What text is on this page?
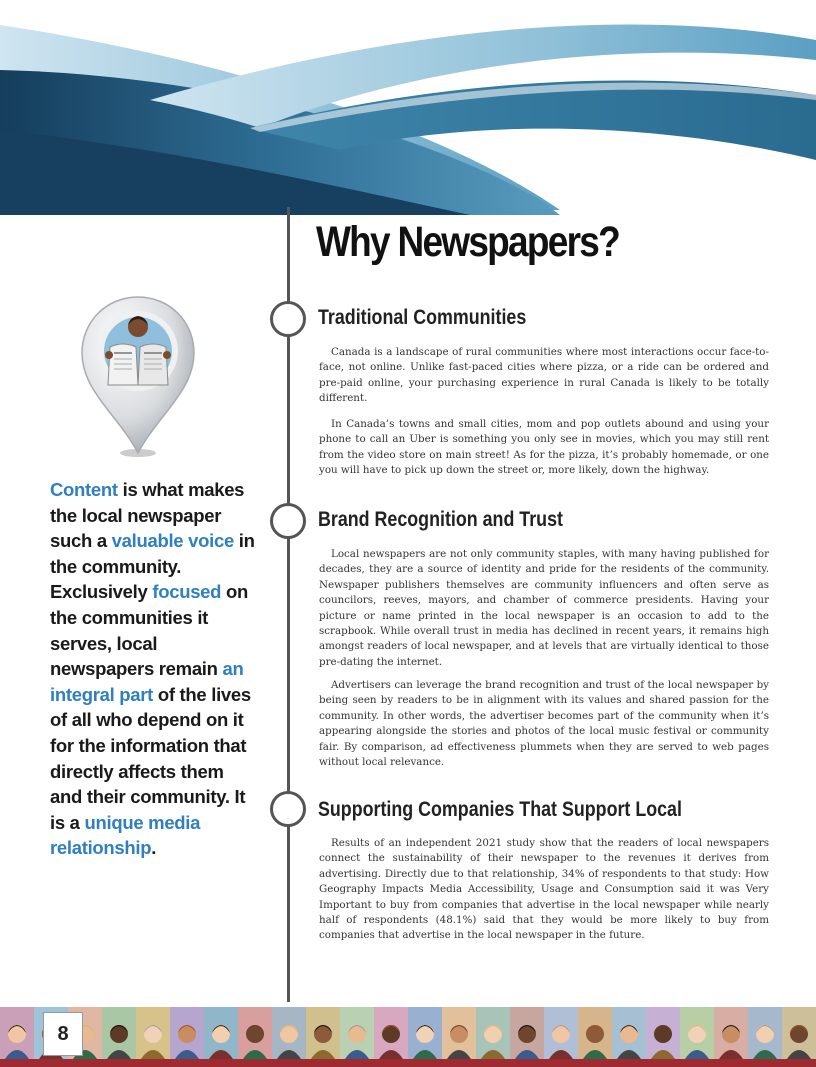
Why Newspapers?
Traditional Communities

Canada is a landscape of rural communities where most interactions occur face-to-face, not online. Unlike fast-paced cities where pizza, or a ride can be ordered and pre-paid online, your purchasing experience in rural Canada is likely to be totally different.

In Canada’s towns and small cities, mom and pop outlets abound and using your phone to call an Uber is something you only see in movies, which you may still rent from the video store on main street! As for the pizza, it’s probably homemade, or one you will have to pick up down the street or, more likely, down the highway.

Brand Recognition and Trust

Local newspapers are not only community staples, with many having published for decades, they are a source of identity and pride for the residents of the community. Newspaper publishers themselves are community influencers and often serve as councilors, reeves, mayors, and chamber of commerce presidents. Having your picture or name printed in the local newspaper is an occasion to add to the scrapbook. While overall trust in media has declined in recent years, it remains high amongst readers of local newspaper, and at levels that are virtually identical to those pre-dating the internet.

Advertisers can leverage the brand recognition and trust of the local newspaper by being seen by readers to be in alignment with its values and shared passion for the community. In other words, the advertiser becomes part of the community when it’s appearing alongside the stories and photos of the local music festival or community fair. By comparison, ad effectiveness plummets when they are served to web pages without local relevance.

Supporting Companies That Support Local

Results of an independent 2021 study show that the readers of local newspapers connect the sustainability of their newspaper to the revenues it derives from advertising. Directly due to that relationship, 34% of respondents to that study: How Geography Impacts Media Accessibility, Usage and Consumption said it was Very Important to buy from companies that advertise in the local newspaper while nearly half of respondents (48.1%) said that they would be more likely to buy from companies that advertise in the local newspaper in the future.

Content is what makes the local newspaper such a valuable voice in the community. Exclusively focused on the communities it serves, local newspapers remain an integral part of the lives of all who depend on it for the information that directly affects them and their community. It is a unique media relationship.
8
